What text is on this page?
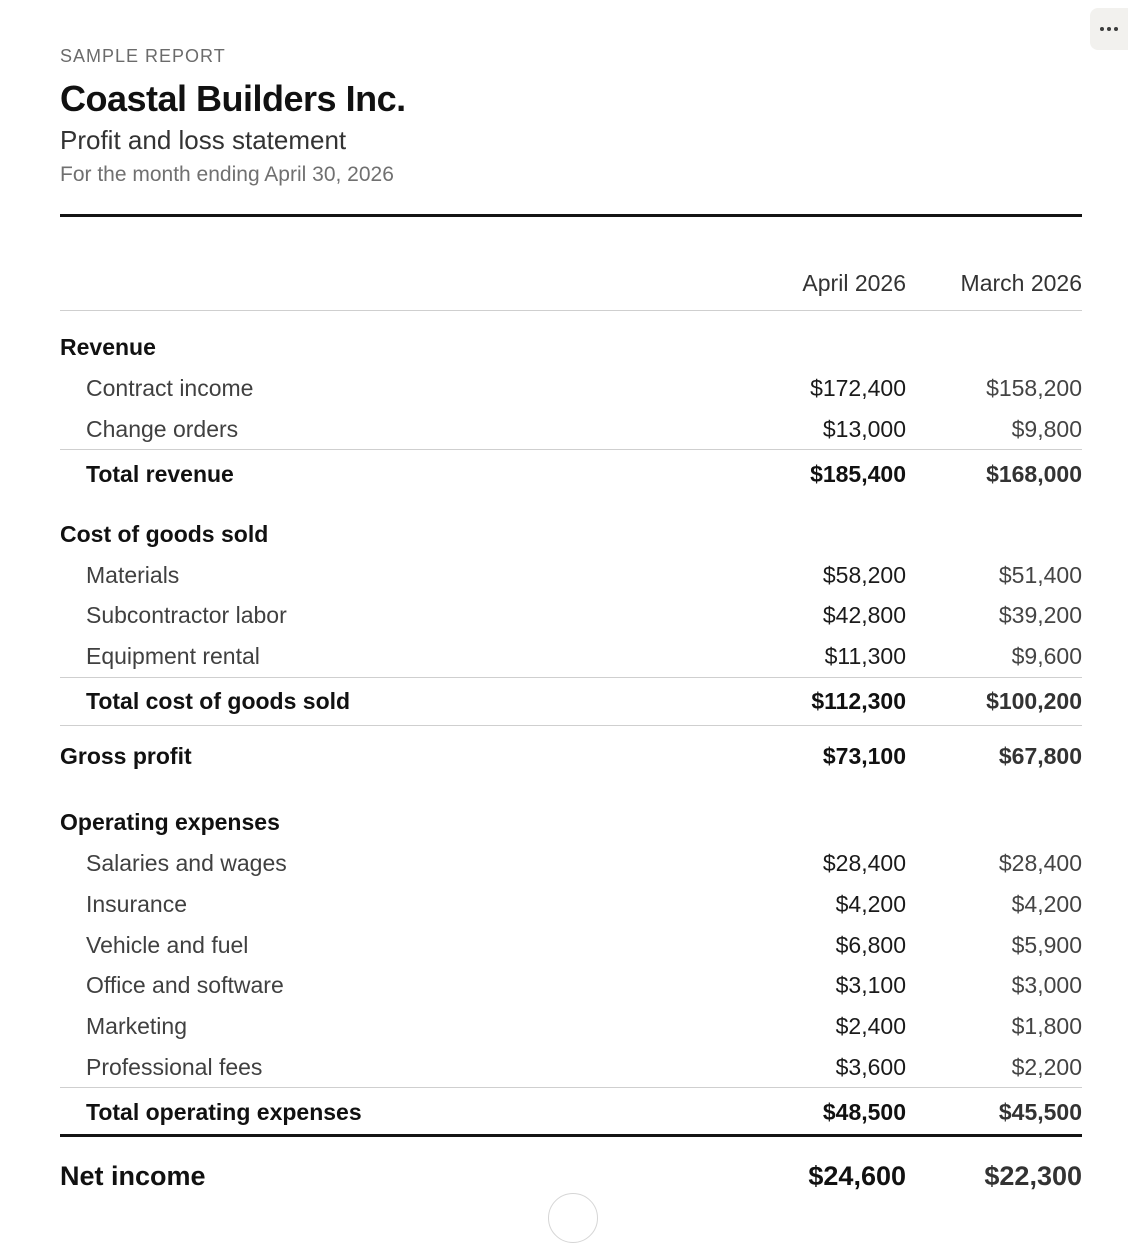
SAMPLE REPORT
Coastal Builders Inc.
Profit and loss statement
For the month ending April 30, 2026
April 2026	March 2026
Revenue
Contract income	$172,400	$158,200
Change orders	$13,000	$9,800
Total revenue	$185,400	$168,000
Cost of goods sold
Materials	$58,200	$51,400
Subcontractor labor	$42,800	$39,200
Equipment rental	$11,300	$9,600
Total cost of goods sold	$112,300	$100,200
Gross profit	$73,100	$67,800
Operating expenses
Salaries and wages	$28,400	$28,400
Insurance	$4,200	$4,200
Vehicle and fuel	$6,800	$5,900
Office and software	$3,100	$3,000
Marketing	$2,400	$1,800
Professional fees	$3,600	$2,200
Total operating expenses	$48,500	$45,500
Net income	$24,600	$22,300
